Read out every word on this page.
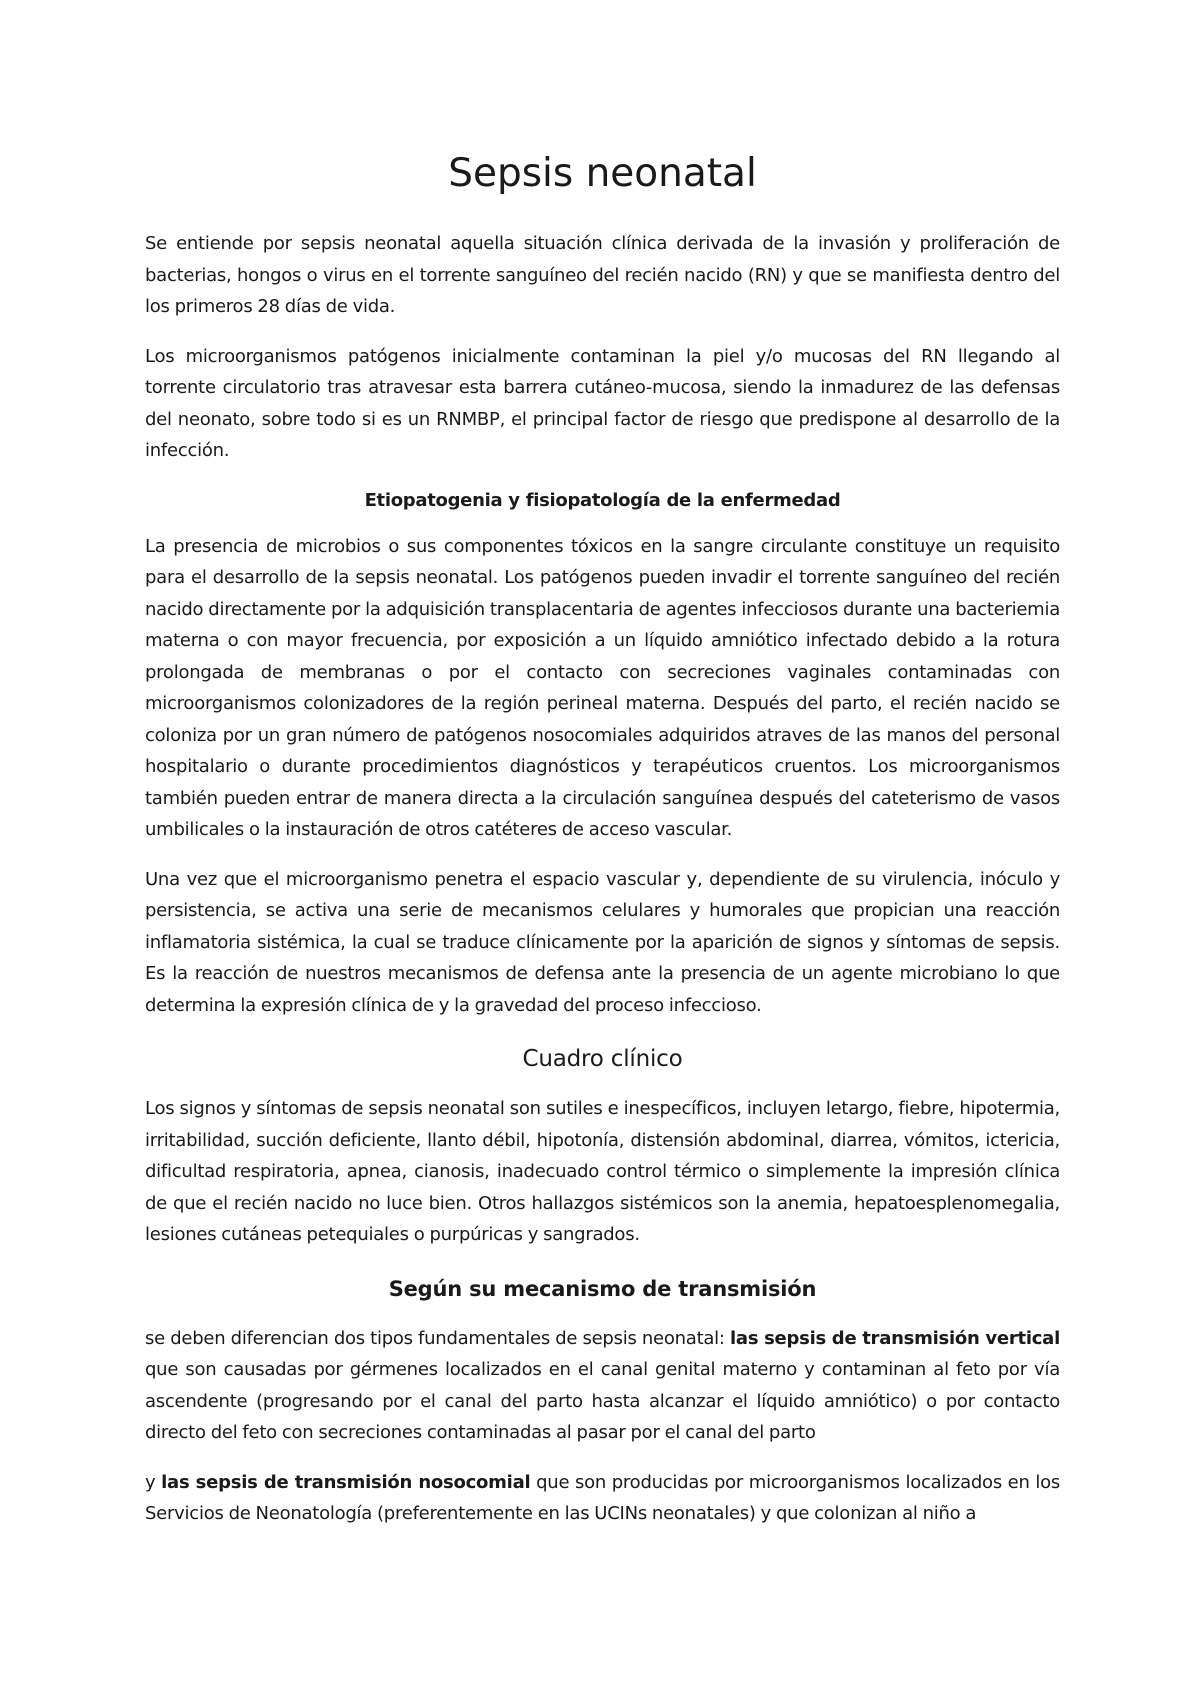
Sepsis neonatal

Se entiende por sepsis neonatal aquella situación clínica derivada de la invasión y proliferación de bacterias, hongos o virus en el torrente sanguíneo del recién nacido (RN) y que se manifiesta dentro del los primeros 28 días de vida.

Los microorganismos patógenos inicialmente contaminan la piel y/o mucosas del RN llegando al torrente circulatorio tras atravesar esta barrera cutáneo-mucosa, siendo la inmadurez de las defensas del neonato, sobre todo si es un RNMBP, el principal factor de riesgo que predispone al desarrollo de la infección.

Etiopatogenia y fisiopatología de la enfermedad

La presencia de microbios o sus componentes tóxicos en la sangre circulante constituye un requisito para el desarrollo de la sepsis neonatal. Los patógenos pueden invadir el torrente sanguíneo del recién nacido directamente por la adquisición transplacentaria de agentes infecciosos durante una bacteriemia materna o con mayor frecuencia, por exposición a un líquido amniótico infectado debido a la rotura prolongada de membranas o por el contacto con secreciones vaginales contaminadas con microorganismos colonizadores de la región perineal materna. Después del parto, el recién nacido se coloniza por un gran número de patógenos nosocomiales adquiridos atraves de las manos del personal hospitalario o durante procedimientos diagnósticos y terapéuticos cruentos. Los microorganismos también pueden entrar de manera directa a la circulación sanguínea después del cateterismo de vasos umbilicales o la instauración de otros catéteres de acceso vascular.

Una vez que el microorganismo penetra el espacio vascular y, dependiente de su virulencia, inóculo y persistencia, se activa una serie de mecanismos celulares y humorales que propician una reacción inflamatoria sistémica, la cual se traduce clínicamente por la aparición de signos y síntomas de sepsis. Es la reacción de nuestros mecanismos de defensa ante la presencia de un agente microbiano lo que determina la expresión clínica de y la gravedad del proceso infeccioso.

Cuadro clínico

Los signos y síntomas de sepsis neonatal son sutiles e inespecíficos, incluyen letargo, fiebre, hipotermia, irritabilidad, succión deficiente, llanto débil, hipotonía, distensión abdominal, diarrea, vómitos, ictericia, dificultad respiratoria, apnea, cianosis, inadecuado control térmico o simplemente la impresión clínica de que el recién nacido no luce bien. Otros hallazgos sistémicos son la anemia, hepatoesplenomegalia, lesiones cutáneas petequiales o purpúricas y sangrados.

Según su mecanismo de transmisión

se deben diferencian dos tipos fundamentales de sepsis neonatal: las sepsis de transmisión vertical que son causadas por gérmenes localizados en el canal genital materno y contaminan al feto por vía ascendente (progresando por el canal del parto hasta alcanzar el líquido amniótico) o por contacto directo del feto con secreciones contaminadas al pasar por el canal del parto

y las sepsis de transmisión nosocomial que son producidas por microorganismos localizados en los Servicios de Neonatología (preferentemente en las UCINs neonatales) y que colonizan al niño a
